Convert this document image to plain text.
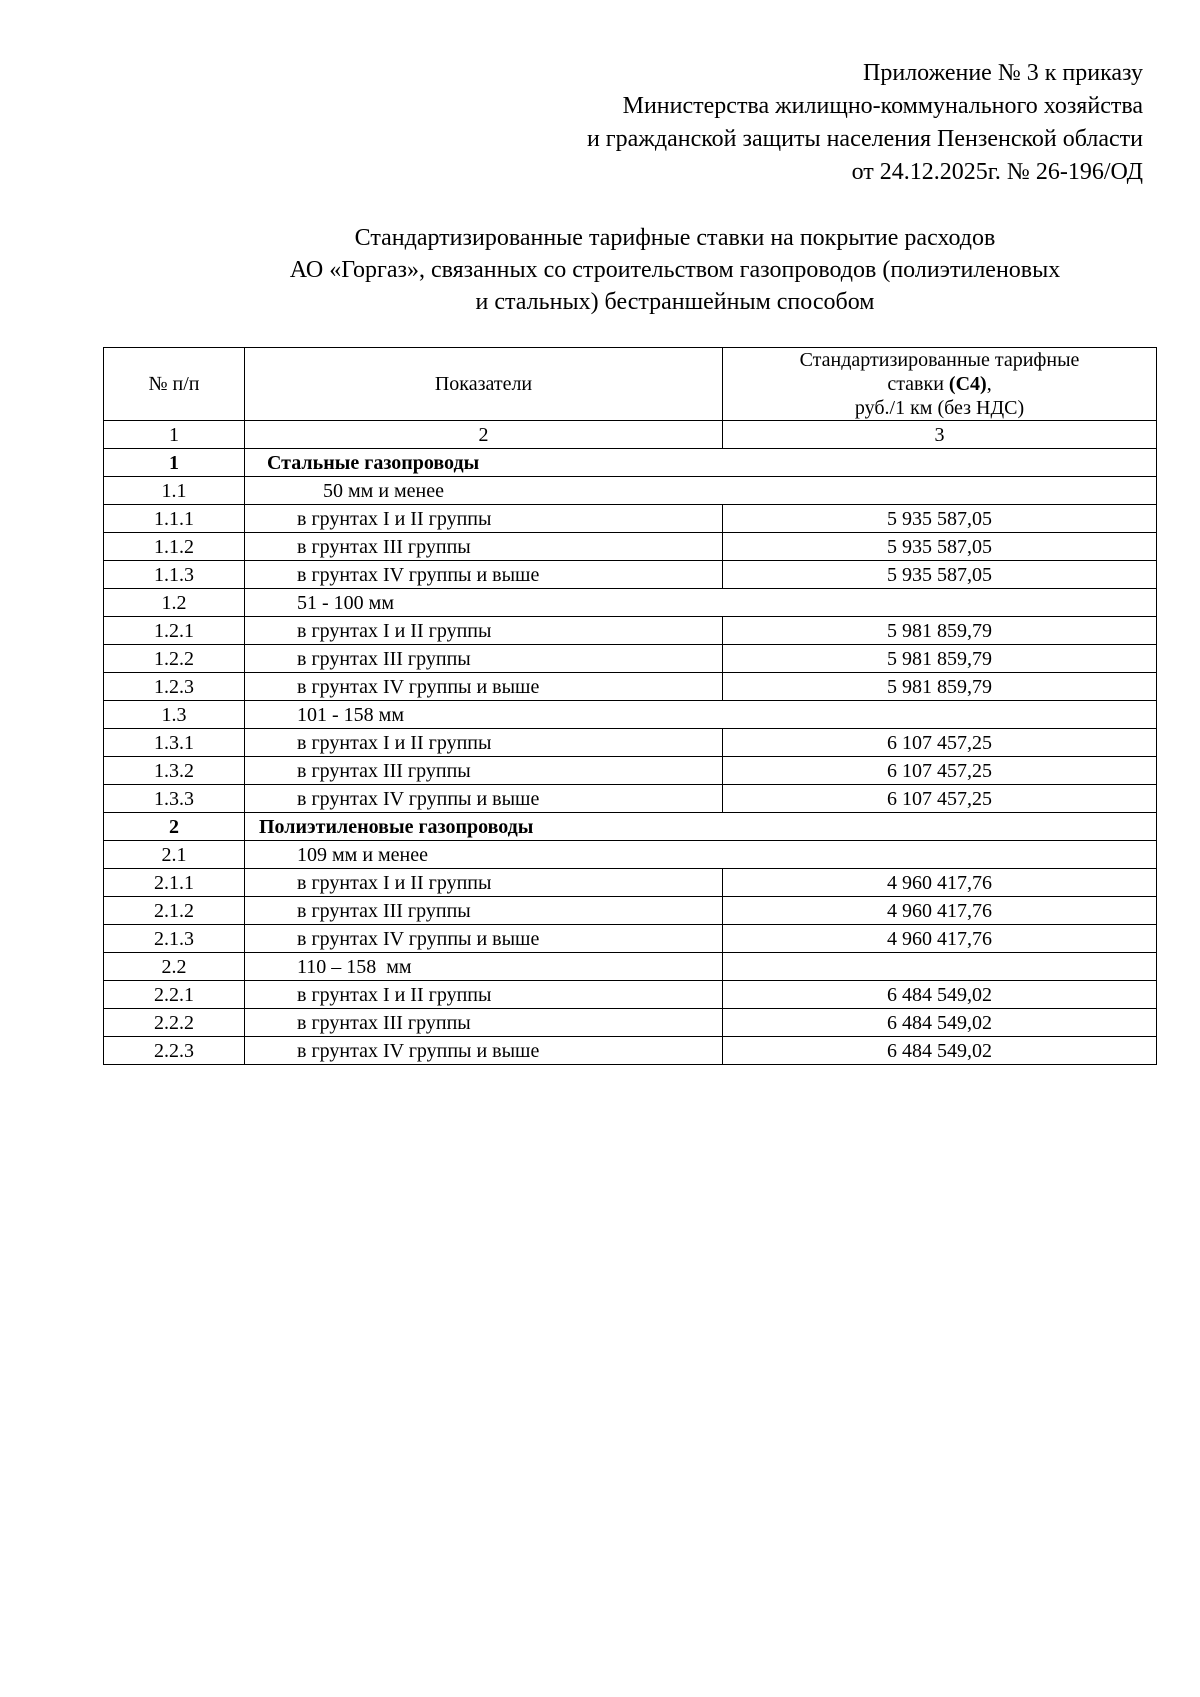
Приложение № 3 к приказу
Министерства жилищно-коммунального хозяйства
и гражданской защиты населения Пензенской области
от 24.12.2025г. № 26-196/ОД
Стандартизированные тарифные ставки на покрытие расходов
АО «Горгаз», связанных со строительством газопроводов (полиэтиленовых
и стальных) бестраншейным способом
№ п/п	Показатели	Стандартизированные тарифные
ставки (С4),
руб./1 км (без НДС)

1	2	3
1	Стальные газопроводы	
1.1	50 мм и менее	
1.1.1	в грунтах I и II группы	5 935 587,05
1.1.2	в грунтах III группы	5 935 587,05
1.1.3	в грунтах IV группы и выше	5 935 587,05
1.2	51 - 100 мм	
1.2.1	в грунтах I и II группы	5 981 859,79
1.2.2	в грунтах III группы	5 981 859,79
1.2.3	в грунтах IV группы и выше	5 981 859,79
1.3	101 - 158 мм	
1.3.1	в грунтах I и II группы	6 107 457,25
1.3.2	в грунтах III группы	6 107 457,25
1.3.3	в грунтах IV группы и выше	6 107 457,25
2	Полиэтиленовые газопроводы	
2.1	109 мм и менее	
2.1.1	в грунтах I и II группы	4 960 417,76
2.1.2	в грунтах III группы	4 960 417,76
2.1.3	в грунтах IV группы и выше	4 960 417,76
2.2	110 – 158  мм	
2.2.1	в грунтах I и II группы	6 484 549,02
2.2.2	в грунтах III группы	6 484 549,02
2.2.3	в грунтах IV группы и выше	6 484 549,02
